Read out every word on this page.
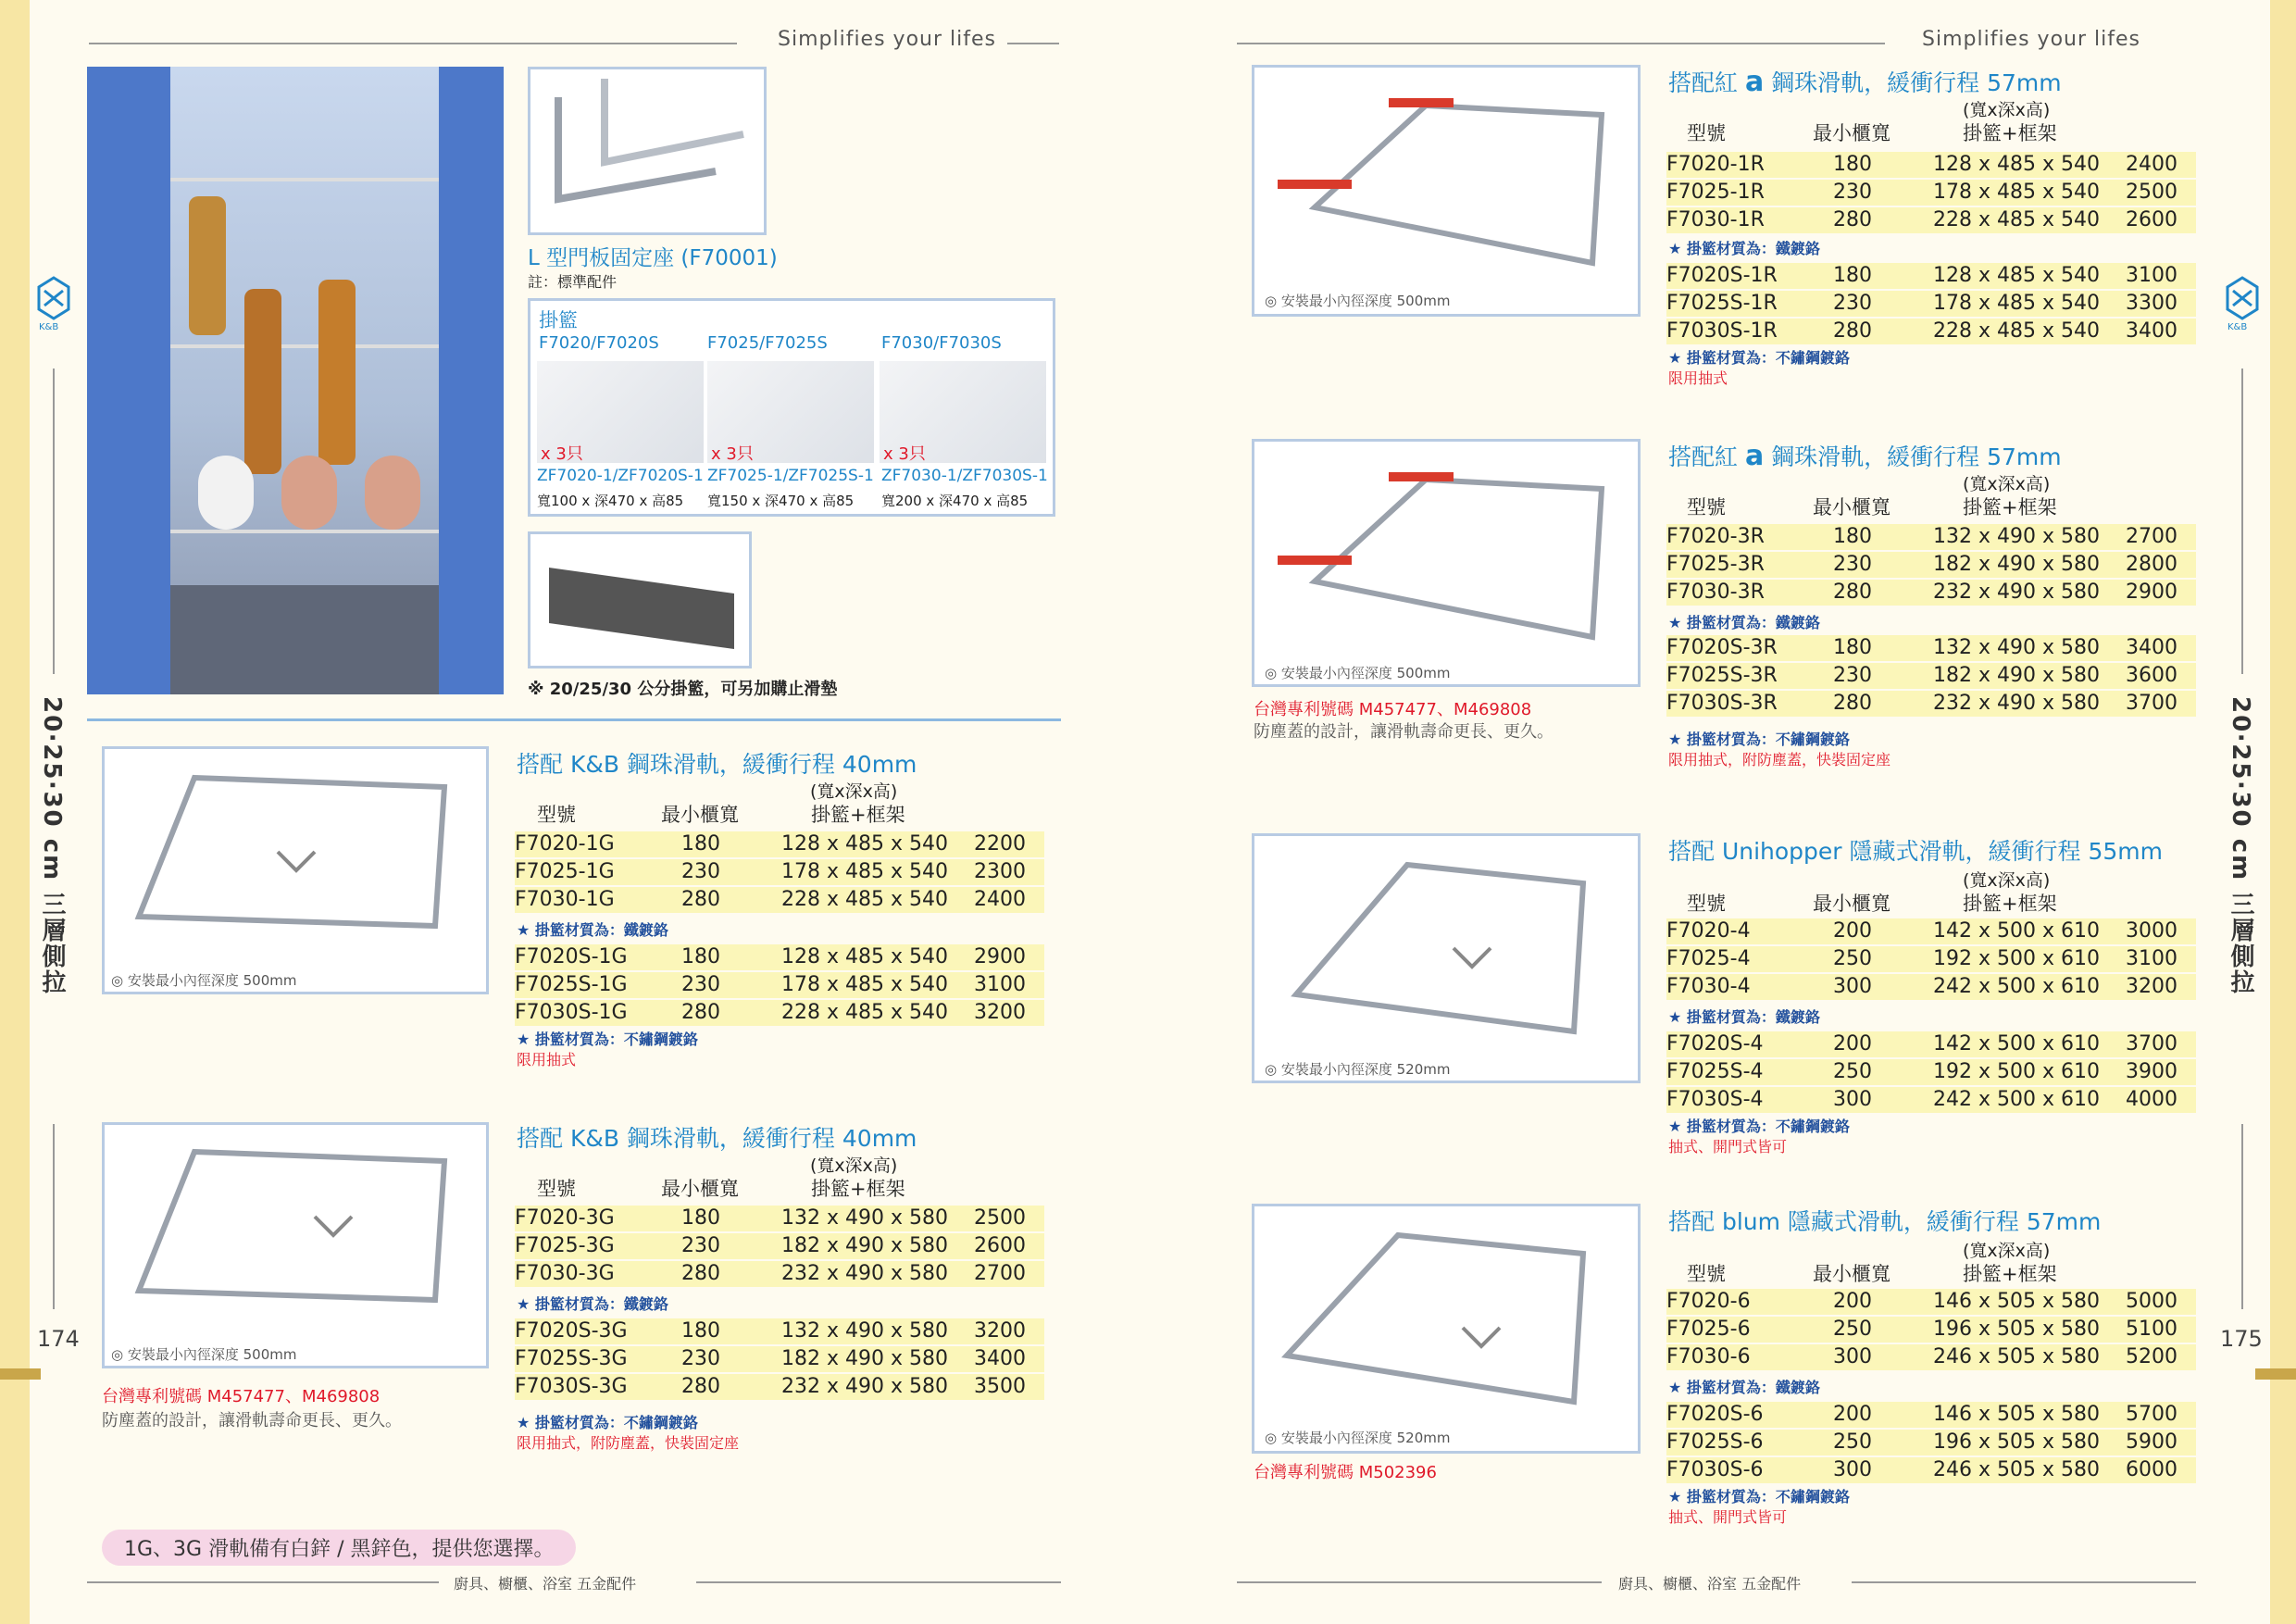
Simplifies your lifes	Simplifies your lifes
K&B	K&B
20‧25‧30 cm 三層側拉	20‧25‧30 cm 三層側拉
174	175
L 型門板固定座 (F70001)
註：標準配件
掛籃
F7020/F7020S	F7025/F7025S	F7030/F7030S
x 3只	x 3只	x 3只
ZF7020-1/ZF7020S-1 ZF7025-1/ZF7025S-1 ZF7030-1/ZF7030S-1
寬100 x 深470 x 高85 寬150 x 深470 x 高85 寬200 x 深470 x 高85
※ 20/25/30 公分掛籃，可另加購止滑墊
◎ 安裝最小內徑深度 500mm
搭配 K&B 鋼珠滑軌，緩衝行程 40mm
(寬x深x高)
型號	最小櫃寬	掛籃+框架
F7020-1G	180	128 x 485 x 540 2200
F7025-1G	230	178 x 485 x 540 2300
F7030-1G	280	228 x 485 x 540 2400
★ 掛籃材質為：鐵鍍鉻
F7020S-1G	180	128 x 485 x 540 2900
F7025S-1G	230	178 x 485 x 540 3100
F7030S-1G	280	228 x 485 x 540 3200
★ 掛籃材質為：不鏽鋼鍍鉻
限用抽式
◎ 安裝最小內徑深度 500mm
台灣專利號碼 M457477、M469808
防塵蓋的設計，讓滑軌壽命更長、更久。
搭配 K&B 鋼珠滑軌，緩衝行程 40mm
(寬x深x高)
型號	最小櫃寬	掛籃+框架
F7020-3G	180	132 x 490 x 580 2500
F7025-3G	230	182 x 490 x 580 2600
F7030-3G	280	232 x 490 x 580 2700
★ 掛籃材質為：鐵鍍鉻
F7020S-3G	180	132 x 490 x 580 3200
F7025S-3G	230	182 x 490 x 580 3400
F7030S-3G	280	232 x 490 x 580 3500
★ 掛籃材質為：不鏽鋼鍍鉻
限用抽式，附防塵蓋，快裝固定座
1G、3G 滑軌備有白鋅 / 黑鋅色，提供您選擇。
廚具、櫥櫃、浴室 五金配件
◎ 安裝最小內徑深度 500mm
搭配紅 a 鋼珠滑軌，緩衝行程 57mm
(寬x深x高)
型號	最小櫃寬	掛籃+框架
F7020-1R	180	128 x 485 x 540 2400
F7025-1R	230	178 x 485 x 540 2500
F7030-1R	280	228 x 485 x 540 2600
★ 掛籃材質為：鐵鍍鉻
F7020S-1R	180	128 x 485 x 540 3100
F7025S-1R	230	178 x 485 x 540 3300
F7030S-1R	280	228 x 485 x 540 3400
★ 掛籃材質為：不鏽鋼鍍鉻
限用抽式
◎ 安裝最小內徑深度 500mm
台灣專利號碼 M457477、M469808
防塵蓋的設計，讓滑軌壽命更長、更久。
搭配紅 a 鋼珠滑軌，緩衝行程 57mm
(寬x深x高)
型號	最小櫃寬	掛籃+框架
F7020-3R	180	132 x 490 x 580 2700
F7025-3R	230	182 x 490 x 580 2800
F7030-3R	280	232 x 490 x 580 2900
★ 掛籃材質為：鐵鍍鉻
F7020S-3R	180	132 x 490 x 580 3400
F7025S-3R	230	182 x 490 x 580 3600
F7030S-3R	280	232 x 490 x 580 3700
★ 掛籃材質為：不鏽鋼鍍鉻
限用抽式，附防塵蓋，快裝固定座
◎ 安裝最小內徑深度 520mm
搭配 Unihopper 隱藏式滑軌，緩衝行程 55mm
(寬x深x高)
型號	最小櫃寬	掛籃+框架
F7020-4	200	142 x 500 x 610 3000
F7025-4	250	192 x 500 x 610 3100
F7030-4	300	242 x 500 x 610 3200
★ 掛籃材質為：鐵鍍鉻
F7020S-4	200	142 x 500 x 610 3700
F7025S-4	250	192 x 500 x 610 3900
F7030S-4	300	242 x 500 x 610 4000
★ 掛籃材質為：不鏽鋼鍍鉻
抽式、開門式皆可
◎ 安裝最小內徑深度 520mm
台灣專利號碼 M502396
搭配 blum 隱藏式滑軌，緩衝行程 57mm
(寬x深x高)
型號	最小櫃寬	掛籃+框架
F7020-6	200	146 x 505 x 580 5000
F7025-6	250	196 x 505 x 580 5100
F7030-6	300	246 x 505 x 580 5200
★ 掛籃材質為：鐵鍍鉻
F7020S-6	200	146 x 505 x 580 5700
F7025S-6	250	196 x 505 x 580 5900
F7030S-6	300	246 x 505 x 580 6000
★ 掛籃材質為：不鏽鋼鍍鉻
抽式、開門式皆可
廚具、櫥櫃、浴室 五金配件
